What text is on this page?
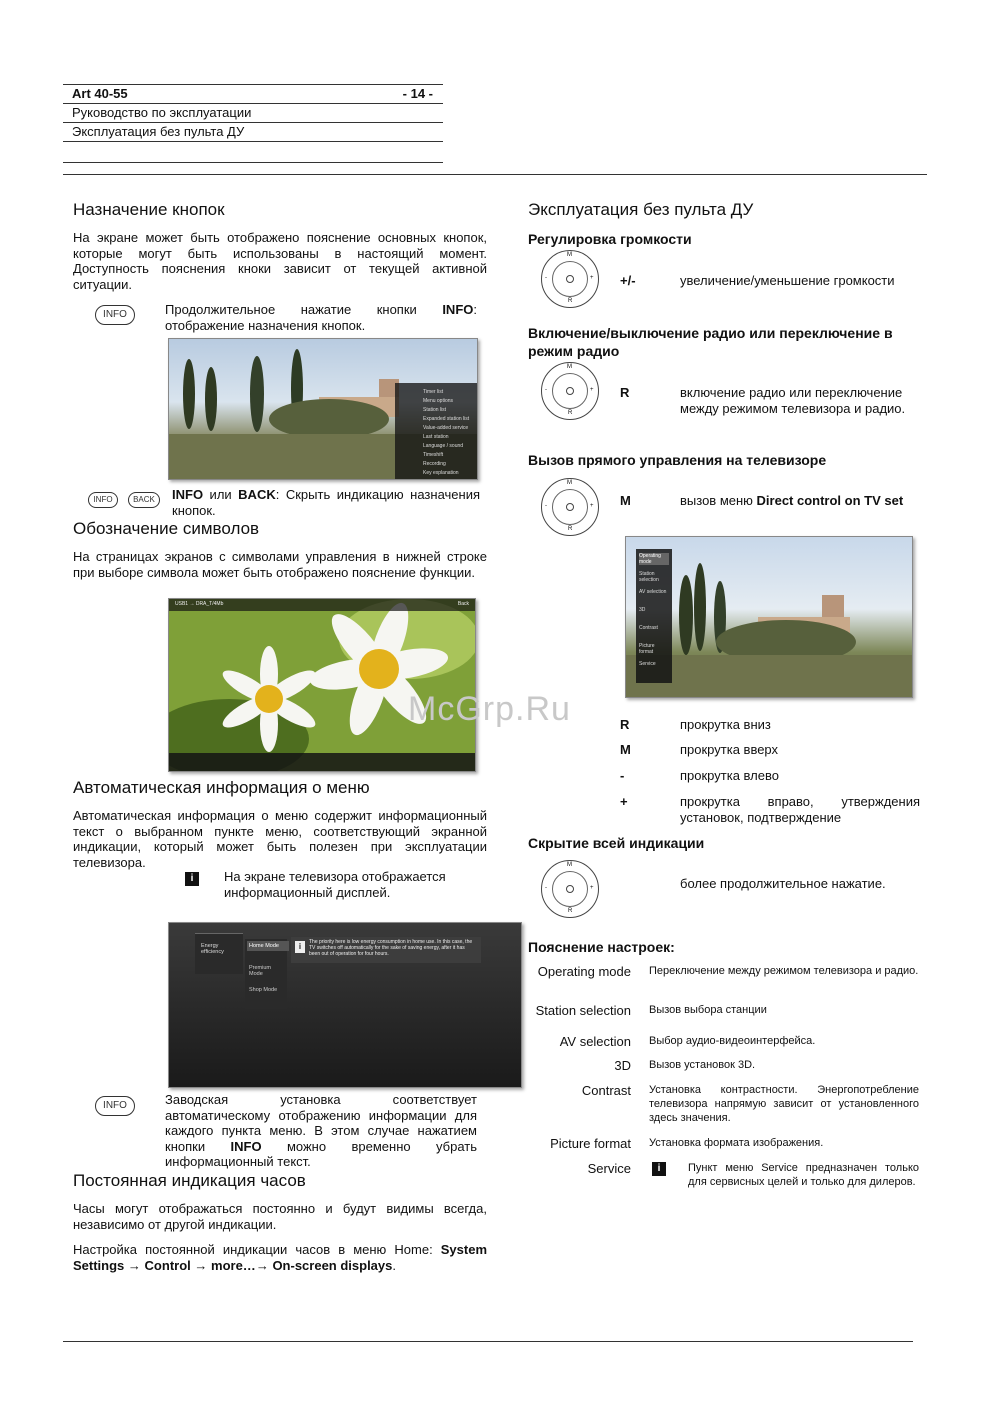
Art 40-55	- 14 -
Руководство по эксплуатации
Эксплуатация без пульта ДУ
Назначение кнопок
На экране может быть отображено пояснение основных кнопок, которые могут быть использованы в настоящий момент. Доступность пояснения кноки зависит от текущей активной ситуации.
INFO	Продолжительное нажатие кнопки INFO: отображение назначения кнопок.
Timer list
Menu options
Station list
Expanded station list
Value-added service
Last station
Language / sound
Timeshift
Recording
Key explanation
INFO	BACK	INFO или BACK: Скрыть индикацию назначения кнопок.
Обозначение символов
На страницах экранов с символами управления в нижней строке при выборе символа может быть отображено пояснение функции.
USB1 → DRA_T/4Mb	Back
Автоматическая информация о меню
Автоматическая информация о меню содержит информационный текст о выбранном пункте меню, соответствующий экранной индикации, который может быть полезен при эксплуатации телевизора.
i	На экране телевизора отображается информационный дисплей.
Energy efficiency
Home Mode
Premium Mode
Shop Mode
i	The priority here is low energy consumption in home use. In this case, the TV switches off automatically for the sake of saving energy, after it has been out of operation for four hours.
INFO	Заводская установка соответствует автоматическому отображению информации для каждого пункта меню. В этом случае нажатием кнопки INFO можно временно убрать информационный текст.
Постоянная индикация часов
Часы могут отображаться постоянно и будут видимы всегда, независимо от другой индикации.
Настройка постоянной индикации часов в меню Home: System Settings → Control → more…→ On-screen displays.
Эксплуатация без пульта ДУ
Регулировка громкости
M
R
-	+ +/-	увеличение/уменьшение громкости
Включение/выключение радио или переключение в режим радио
M
R
-	+ R	включение радио или переключение между режимом телевизора и радио.
Вызов прямого управления на телевизоре
M
R
-	+ M	вызов меню Direct control on TV set
Operating mode
Station selection
AV selection
3D
Contrast
Picture format
Service
R	прокрутка вниз
M	прокрутка вверх
-	прокрутка влево
+	прокрутка вправо, утверждения установок, подтверждение
Скрытие всей индикации
M
R
-	+	более продолжительное нажатие.
Пояснение настроек:
Operating mode Переключение между режимом телевизора и радио.
Station selection Вызов выбора станции
AV selection Выбор аудио-видеоинтерфейса.
3D Вызов установок 3D.
Contrast Установка контрастности. Энергопотребление телевизора напрямую зависит от установленного здесь значения.
Picture format Установка формата изображения.
Service	i	Пункт меню Service предназначен только для сервисных целей и только для дилеров.
McGrp.Ru
